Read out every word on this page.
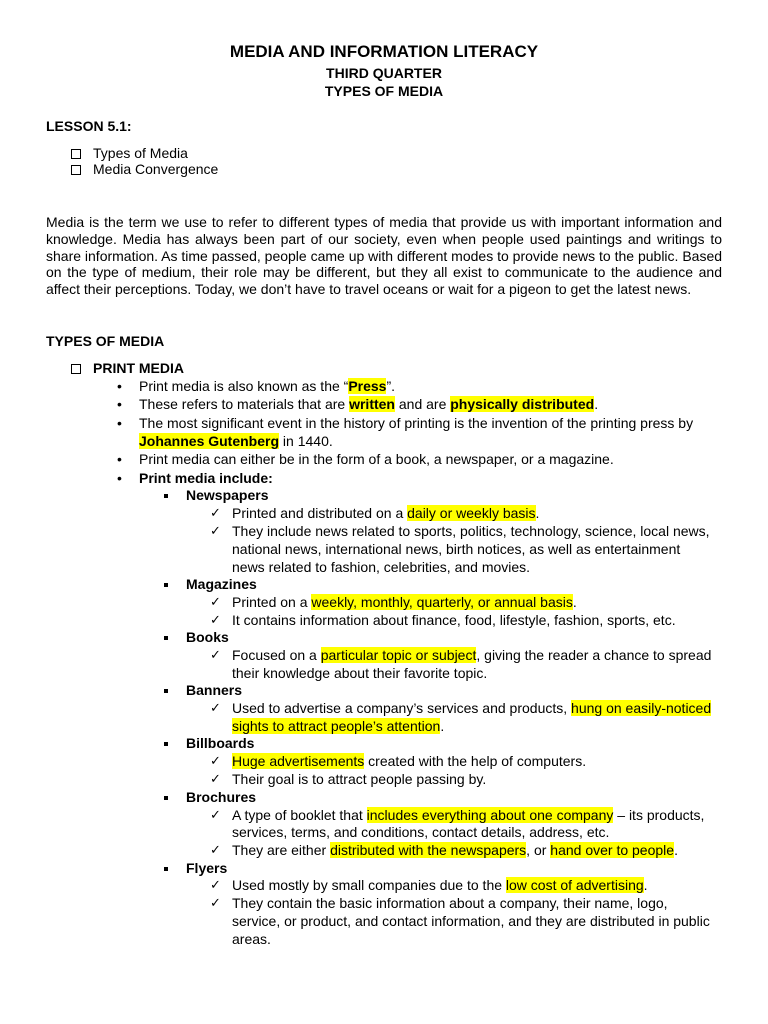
MEDIA AND INFORMATION LITERACY
THIRD QUARTER
TYPES OF MEDIA
LESSON 5.1:
Types of Media
Media Convergence
Media is the term we use to refer to different types of media that provide us with important information and
knowledge. Media has always been part of our society, even when people used paintings and writings to
share information. As time passed, people came up with different modes to provide news to the public. Based
on the type of medium, their role may be different, but they all exist to communicate to the audience and
affect their perceptions. Today, we don’t have to travel oceans or wait for a pigeon to get the latest news.
TYPES OF MEDIA
PRINT MEDIA
• Print media is also known as the “Press”.
• These refers to materials that are written and are physically distributed.
• The most significant event in the history of printing is the invention of the printing press by
Johannes Gutenberg in 1440.
• Print media can either be in the form of a book, a newspaper, or a magazine.
• Print media include:
Newspapers
✓ Printed and distributed on a daily or weekly basis.
✓ They include news related to sports, politics, technology, science, local news,
national news, international news, birth notices, as well as entertainment
news related to fashion, celebrities, and movies.
Magazines
✓ Printed on a weekly, monthly, quarterly, or annual basis.
✓ It contains information about finance, food, lifestyle, fashion, sports, etc.
Books
✓ Focused on a particular topic or subject, giving the reader a chance to spread
their knowledge about their favorite topic.
Banners
✓ Used to advertise a company’s services and products, hung on easily-noticed
sights to attract people’s attention.
Billboards
✓ Huge advertisements created with the help of computers.
✓ Their goal is to attract people passing by.
Brochures
✓ A type of booklet that includes everything about one company – its products,
services, terms, and conditions, contact details, address, etc.
✓ They are either distributed with the newspapers, or hand over to people.
Flyers
✓ Used mostly by small companies due to the low cost of advertising.
✓ They contain the basic information about a company, their name, logo,
service, or product, and contact information, and they are distributed in public
areas.
